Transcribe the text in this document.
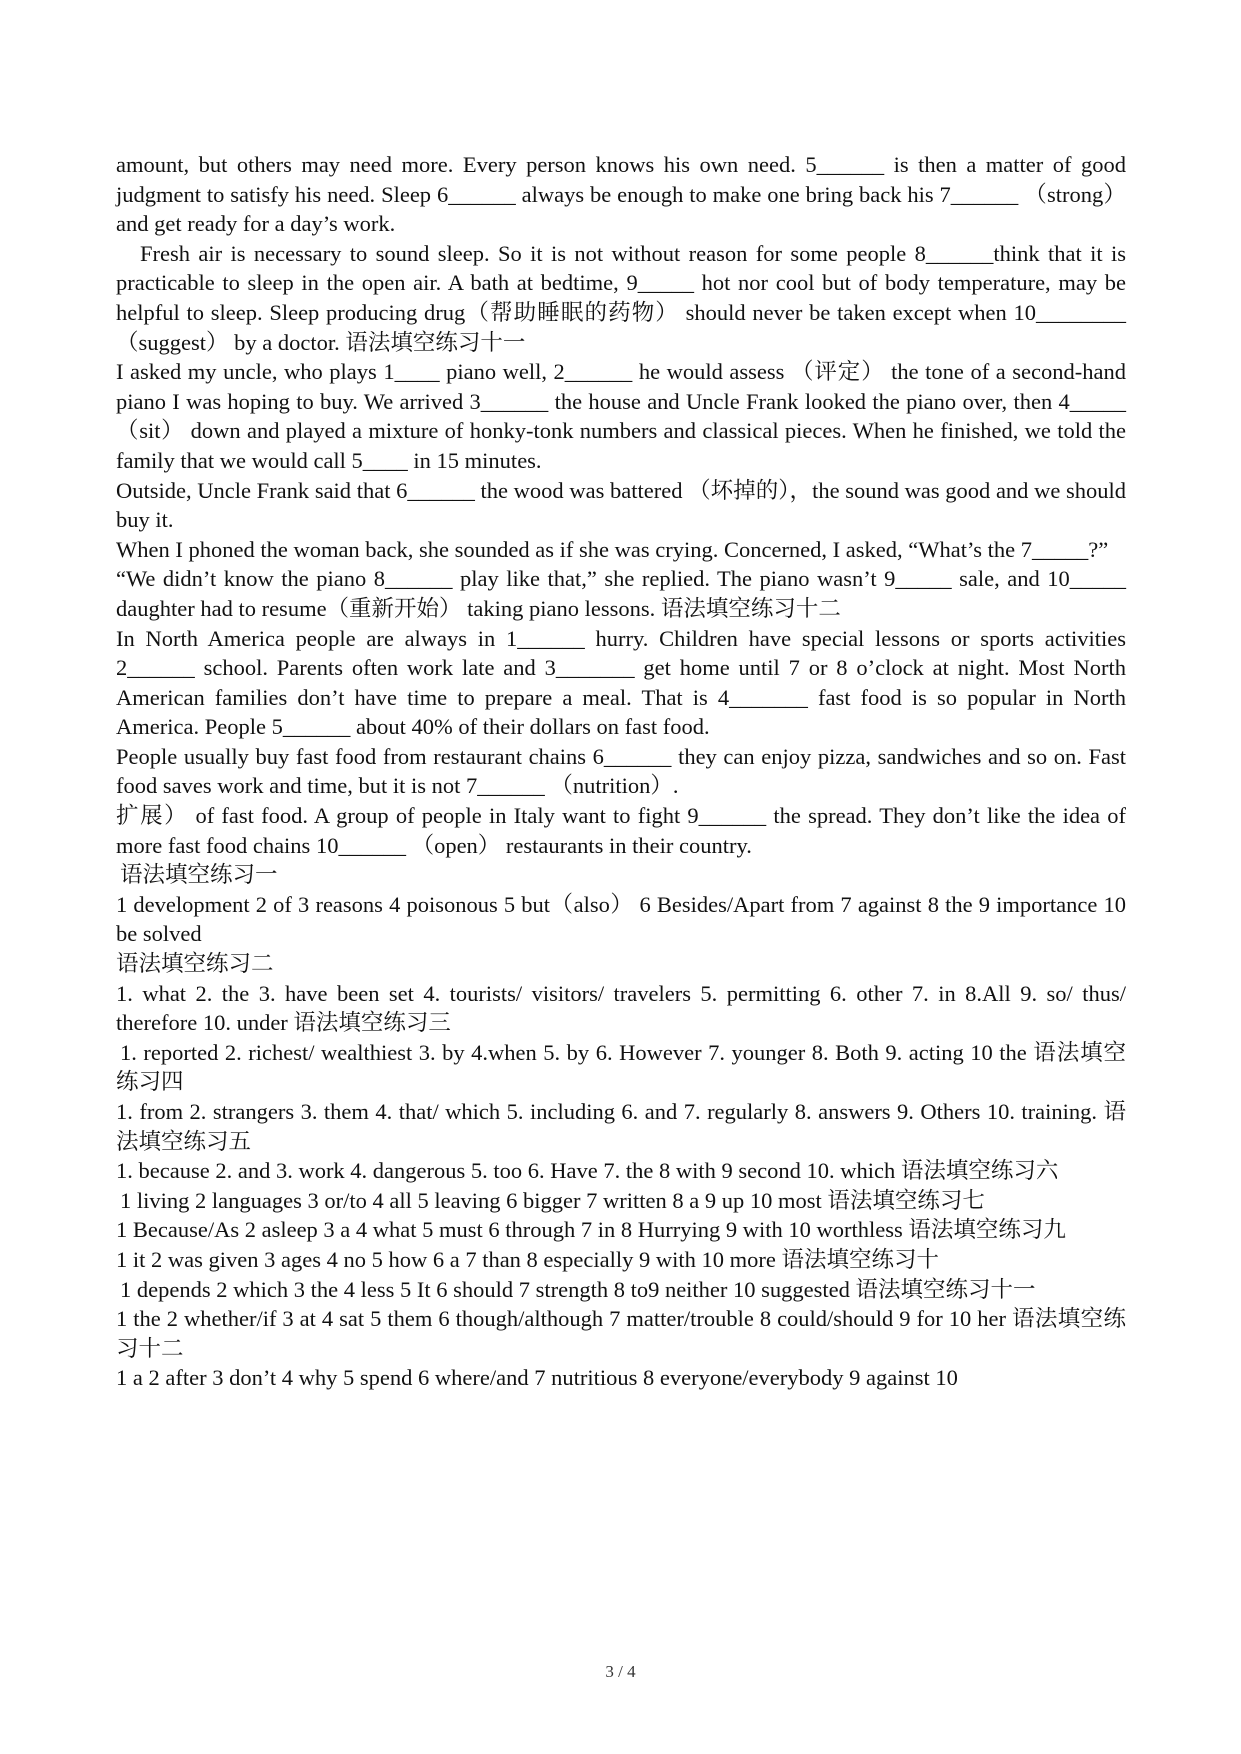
amount, but others may need more. Every person knows his own need. 5______ is then a matter of good judgment to satisfy his need. Sleep 6______ always be enough to make one bring back his 7______ （strong） and get ready for a day’s work.

Fresh air is necessary to sound sleep. So it is not without reason for some people 8______think that it is practicable to sleep in the open air. A bath at bedtime, 9_____ hot nor cool but of body temperature, may be helpful to sleep. Sleep producing drug（帮助睡眠的药物） should never be taken except when 10________ （suggest） by a doctor. 语法填空练习十一

I asked my uncle, who plays 1____ piano well, 2______ he would assess （评定） the tone of a second-hand piano I was hoping to buy. We arrived 3______ the house and Uncle Frank looked the piano over, then 4_____ （sit） down and played a mixture of honky-tonk numbers and classical pieces. When he finished, we told the family that we would call 5____ in 15 minutes.

Outside, Uncle Frank said that 6______ the wood was battered （坏掉的），the sound was good and we should buy it.

When I phoned the woman back, she sounded as if she was crying. Concerned, I asked, “What’s the 7_____?”

“We didn’t know the piano 8______ play like that,” she replied. The piano wasn’t 9_____ sale, and 10_____ daughter had to resume（重新开始） taking piano lessons. 语法填空练习十二

In North America people are always in 1______ hurry. Children have special lessons or sports activities 2______ school. Parents often work late and 3_______ get home until 7 or 8 o’clock at night. Most North American families don’t have time to prepare a meal. That is 4_______ fast food is so popular in North America. People 5______ about 40% of their dollars on fast food.

People usually buy fast food from restaurant chains 6______ they can enjoy pizza, sandwiches and so on. Fast food saves work and time, but it is not 7______ （nutrition）.

扩展） of fast food. A group of people in Italy want to fight 9______ the spread. They don’t like the idea of more fast food chains 10______ （open） restaurants in their country.

语法填空练习一

1 development 2 of 3 reasons 4 poisonous 5 but（also） 6 Besides/Apart from 7 against 8 the 9 importance 10 be solved

语法填空练习二

1. what 2. the 3. have been set 4. tourists/ visitors/ travelers 5. permitting 6. other 7. in 8.All 9. so/ thus/ therefore 10. under 语法填空练习三

1. reported 2. richest/ wealthiest 3. by 4.when 5. by 6. However 7. younger 8. Both 9. acting 10 the 语法填空练习四

1. from 2. strangers 3. them 4. that/ which 5. including 6. and 7. regularly 8. answers 9. Others 10. training. 语法填空练习五

1. because 2. and 3. work 4. dangerous 5. too 6. Have 7. the 8 with 9 second 10. which 语法填空练习六

1 living 2 languages 3 or/to 4 all 5 leaving 6 bigger 7 written 8 a 9 up 10 most 语法填空练习七

1 Because/As 2 asleep 3 a 4 what 5 must 6 through 7 in 8 Hurrying 9 with 10 worthless 语法填空练习九

1 it 2 was given 3 ages 4 no 5 how 6 a 7 than 8 especially 9 with 10 more 语法填空练习十

1 depends 2 which 3 the 4 less 5 It 6 should 7 strength 8 to9 neither 10 suggested 语法填空练习十一

1 the 2 whether/if 3 at 4 sat 5 them 6 though/although 7 matter/trouble 8 could/should 9 for 10 her 语法填空练习十二

1 a 2 after 3 don’t 4 why 5 spend 6 where/and 7 nutritious 8 everyone/everybody 9 against 10

3 / 4
